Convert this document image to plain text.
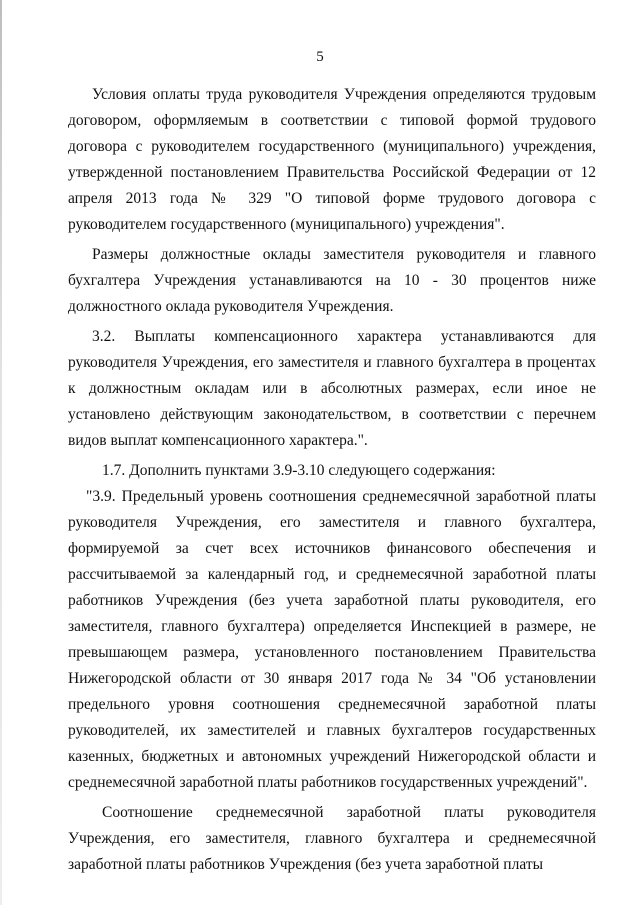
5

Условия оплаты труда руководителя Учреждения определяются трудовым договором, оформляемым в соответствии с типовой формой трудового договора с руководителем государственного (муниципального) учреждения, утвержденной постановлением Правительства Российской Федерации от 12 апреля 2013 года № 329 "О типовой форме трудового договора с руководителем государственного (муниципального) учреждения".

Размеры должностные оклады заместителя руководителя и главного бухгалтера Учреждения устанавливаются на 10 - 30 процентов ниже должностного оклада руководителя Учреждения.

3.2. Выплаты компенсационного характера устанавливаются для руководителя Учреждения, его заместителя и главного бухгалтера в процентах к должностным окладам или в абсолютных размерах, если иное не установлено действующим законодательством, в соответствии с перечнем видов выплат компенсационного характера.".

1.7. Дополнить пунктами 3.9-3.10 следующего содержания:

"3.9. Предельный уровень соотношения среднемесячной заработной платы руководителя Учреждения, его заместителя и главного бухгалтера, формируемой за счет всех источников финансового обеспечения и рассчитываемой за календарный год, и среднемесячной заработной платы работников Учреждения (без учета заработной платы руководителя, его заместителя, главного бухгалтера) определяется Инспекцией в размере, не превышающем размера, установленного постановлением Правительства Нижегородской области от 30 января 2017 года № 34 "Об установлении предельного уровня соотношения среднемесячной заработной платы руководителей, их заместителей и главных бухгалтеров государственных казенных, бюджетных и автономных учреждений Нижегородской области и среднемесячной заработной платы работников государственных учреждений".

Соотношение среднемесячной заработной платы руководителя Учреждения, его заместителя, главного бухгалтера и среднемесячной заработной платы работников Учреждения (без учета заработной платы
